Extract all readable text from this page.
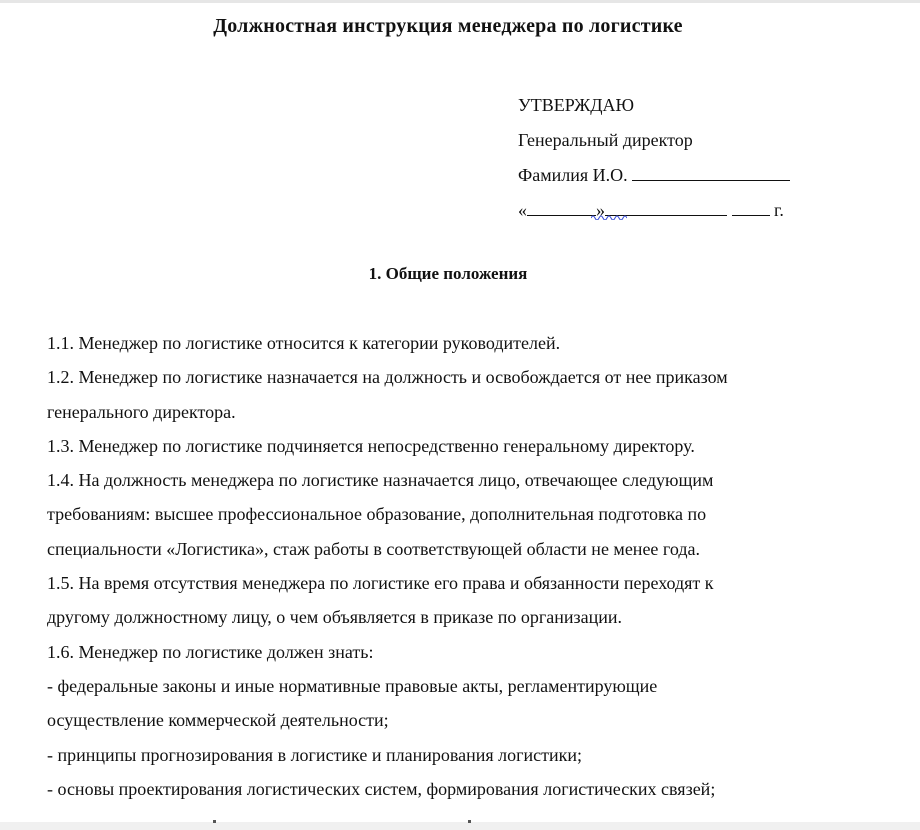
Должностная инструкция менеджера по логистике
УТВЕРЖДАЮ
Генеральный директор
Фамилия И.О.
«	»	г.
1. Общие положения
1.1. Менеджер по логистике относится к категории руководителей.
1.2. Менеджер по логистике назначается на должность и освобождается от нее приказом
генерального директора.
1.3. Менеджер по логистике подчиняется непосредственно генеральному директору.
1.4. На должность менеджера по логистике назначается лицо, отвечающее следующим
требованиям: высшее профессиональное образование, дополнительная подготовка по
специальности «Логистика», стаж работы в соответствующей области не менее года.
1.5. На время отсутствия менеджера по логистике его права и обязанности переходят к
другому должностному лицу, о чем объявляется в приказе по организации.
1.6. Менеджер по логистике должен знать:
- федеральные законы и иные нормативные правовые акты, регламентирующие
осуществление коммерческой деятельности;
- принципы прогнозирования в логистике и планирования логистики;
- основы проектирования логистических систем, формирования логистических связей;
